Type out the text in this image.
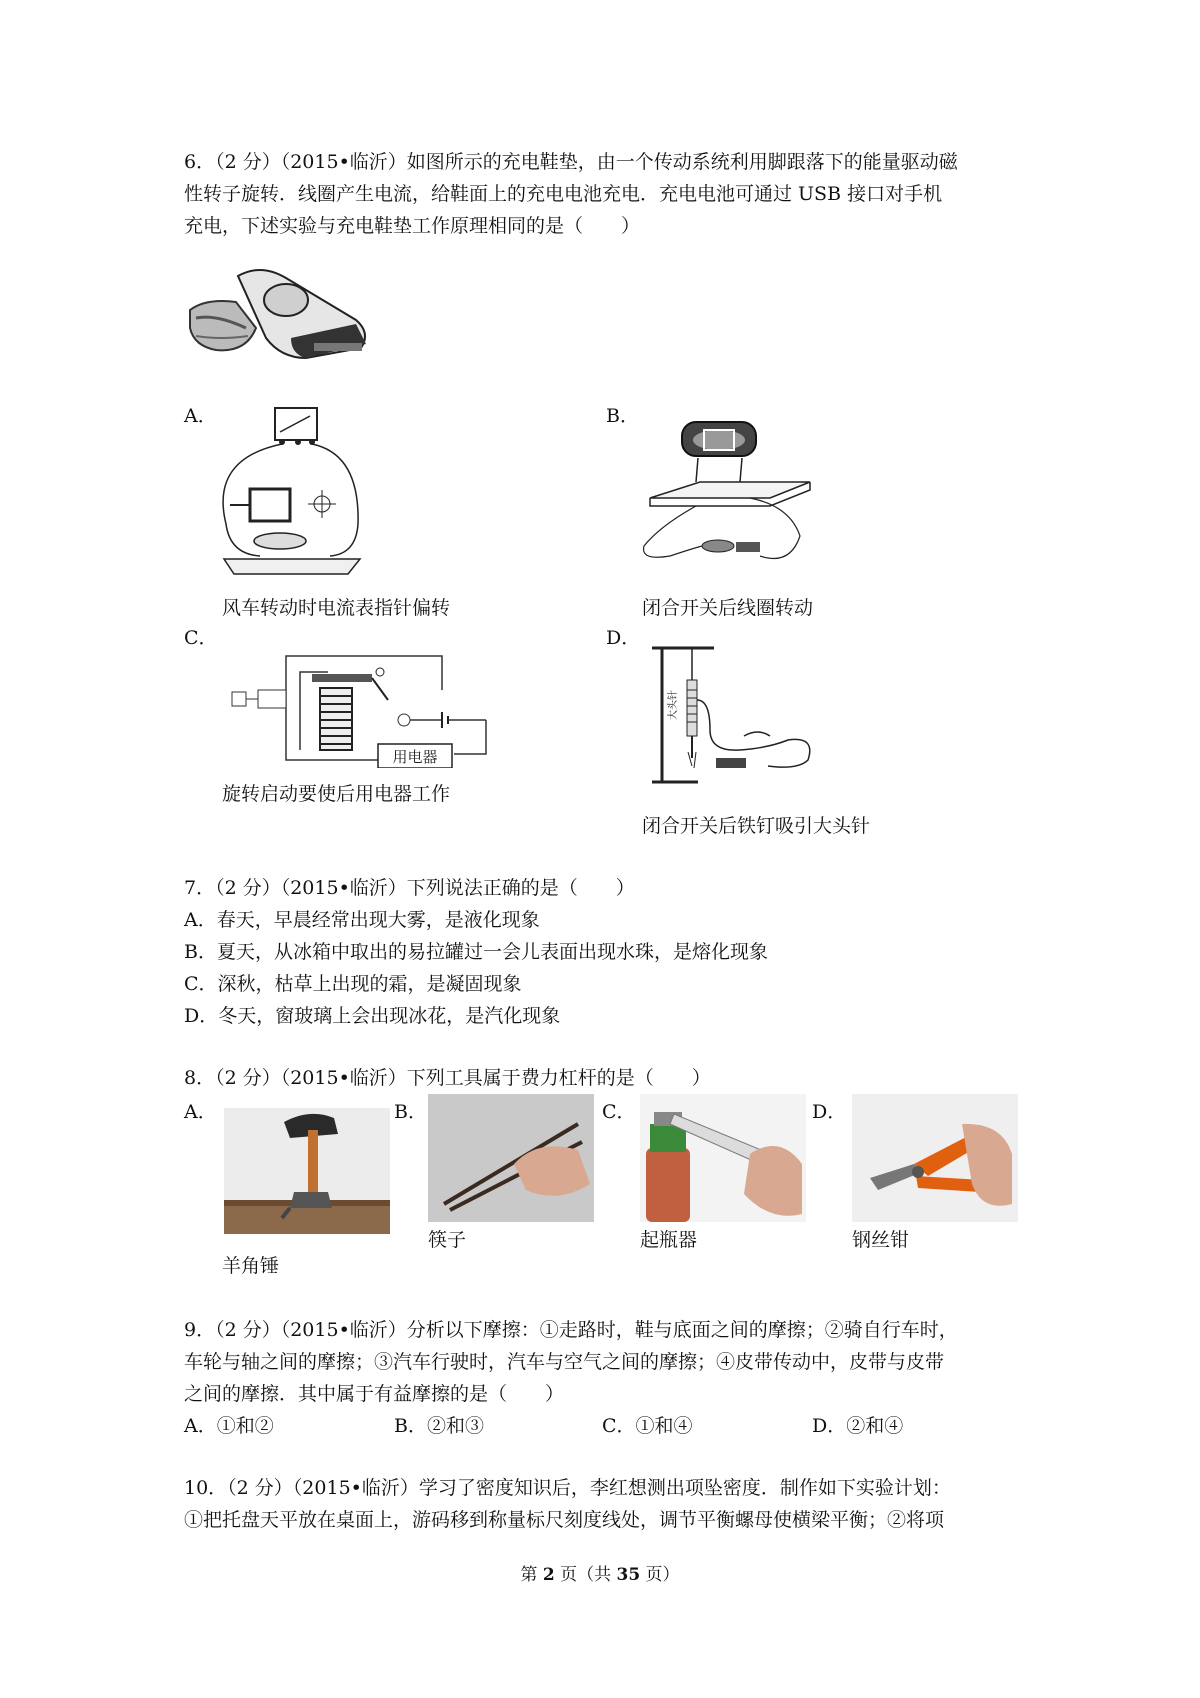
6．（2 分）（2015•临沂）如图所示的充电鞋垫，由一个传动系统利用脚跟落下的能量驱动磁
性转子旋转．线圈产生电流，给鞋面上的充电电池充电．充电电池可通过 USB 接口对手机
充电，下述实验与充电鞋垫工作原理相同的是（　　）
A．
风车转动时电流表指针偏转
B．
闭合开关后线圈转动
C．
用电器
旋转启动要使后用电器工作
D．
大头针
闭合开关后铁钉吸引大头针
7．（2 分）（2015•临沂）下列说法正确的是（　　）
A．春天，早晨经常出现大雾，是液化现象
B．夏天，从冰箱中取出的易拉罐过一会儿表面出现水珠，是熔化现象
C．深秋，枯草上出现的霜，是凝固现象
D．冬天，窗玻璃上会出现冰花，是汽化现象
8．（2 分）（2015•临沂）下列工具属于费力杠杆的是（　　）
A．
羊角锤
B．
筷子
C．
起瓶器
D．
钢丝钳
9．（2 分）（2015•临沂）分析以下摩擦：①走路时，鞋与底面之间的摩擦；②骑自行车时，
车轮与轴之间的摩擦；③汽车行驶时，汽车与空气之间的摩擦；④皮带传动中，皮带与皮带
之间的摩擦．其中属于有益摩擦的是（　　）
A．①和②	B．②和③	C．①和④	D．②和④
10．（2 分）（2015•临沂）学习了密度知识后，李红想测出项坠密度．制作如下实验计划：
①把托盘天平放在桌面上，游码移到称量标尺刻度线处，调节平衡螺母使横梁平衡；②将项
第 2 页（共 35 页）
